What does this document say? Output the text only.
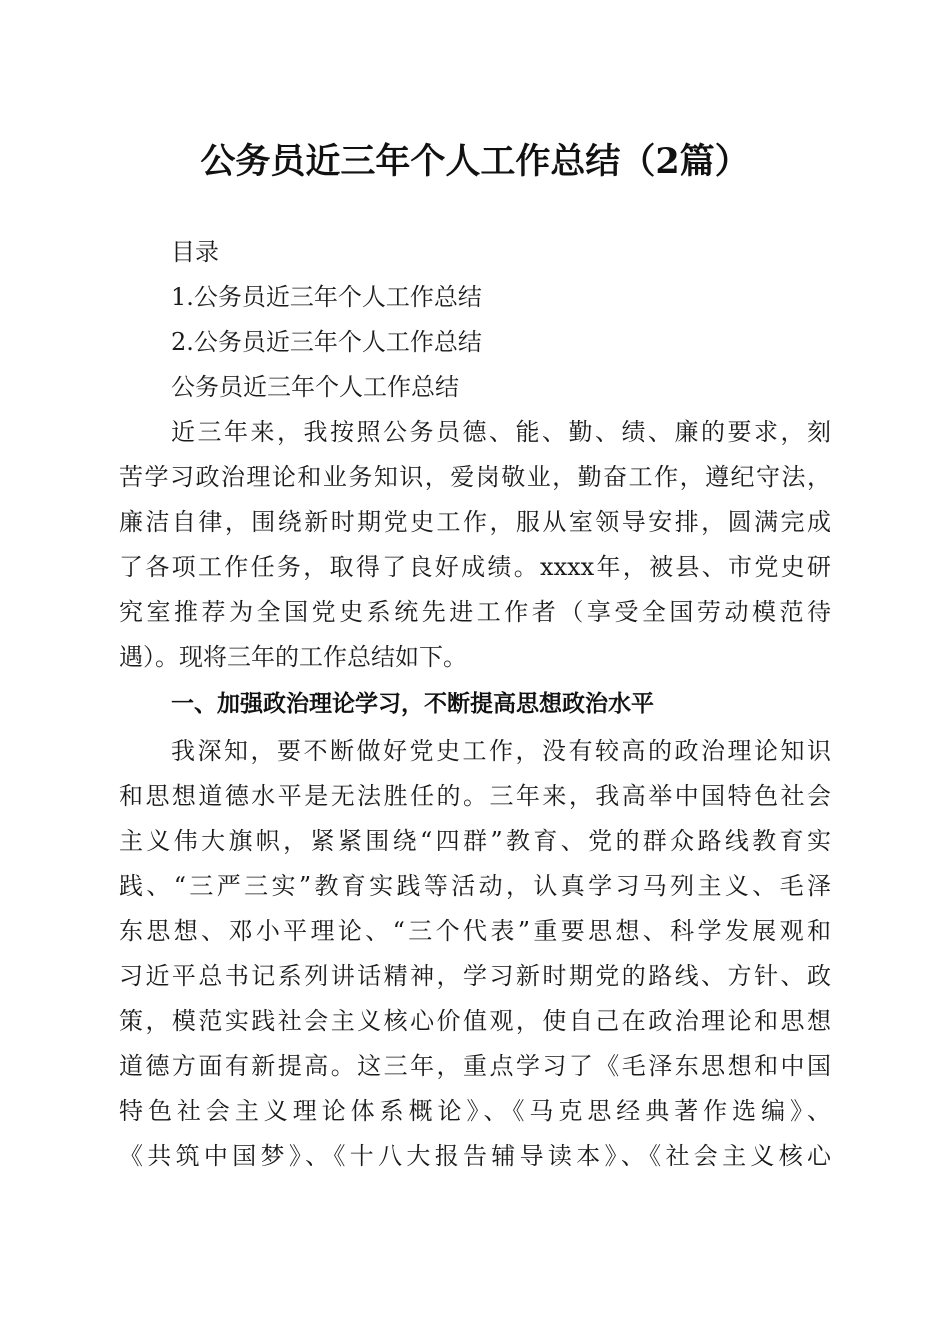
公务员近三年个人工作总结（2篇）
目录
1.公务员近三年个人工作总结
2.公务员近三年个人工作总结
公务员近三年个人工作总结
近三年来，我按照公务员德、能、勤、绩、廉的要求，刻
苦学习政治理论和业务知识，爱岗敬业，勤奋工作，遵纪守法，
廉洁自律，围绕新时期党史工作，服从室领导安排，圆满完成
了各项工作任务，取得了良好成绩。xxxx年，被县、市党史研
究室推荐为全国党史系统先进工作者（享受全国劳动模范待
遇）。现将三年的工作总结如下。
一、加强政治理论学习，不断提高思想政治水平
我深知，要不断做好党史工作，没有较高的政治理论知识
和思想道德水平是无法胜任的。三年来，我高举中国特色社会
主义伟大旗帜，紧紧围绕“四群”教育、党的群众路线教育实
践、“三严三实”教育实践等活动，认真学习马列主义、毛泽
东思想、邓小平理论、“三个代表”重要思想、科学发展观和
习近平总书记系列讲话精神，学习新时期党的路线、方针、政
策，模范实践社会主义核心价值观，使自己在政治理论和思想
道德方面有新提高。这三年，重点学习了《毛泽东思想和中国
特色社会主义理论体系概论》、《马克思经典著作选编》、
《共筑中国梦》、《十八大报告辅导读本》、《社会主义核心
